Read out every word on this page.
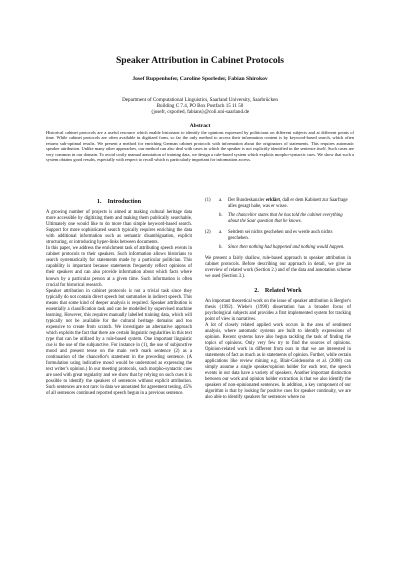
Speaker Attribution in Cabinet Protocols
Josef Ruppenhofer, Caroline Sporleder, Fabian Shirokov
Department of Computational Linguistics, Saarland University, Saarbrücken
Building C 7.4, PO Box Postfach 15 11 50
{josefr, csporled, fabians}@coli.uni-saarland.de
Abstract
Historical cabinet protocols are a useful resource which enable historians to identify the opinions expressed by politicians on different subjects and at different points of time. While cabinet protocols are often available in digitized form, so far the only method to access their information content is by keyword-based search, which often returns sub-optimal results. We present a method for enriching German cabinet protocols with information about the originators of statements. This requires automatic speaker attribution. Unlike many other approaches, our method can also deal with cases in which the speaker is not explicitly identified in the sentence itself. Such cases are very common in our domain. To avoid costly manual annotation of training data, we design a rule-based system which exploits morpho-syntactic cues. We show that such a system obtains good results, especially with respect to recall which is particularly important for information access.
1. Introduction

A growing number of projects is aimed at making cultural heritage data more accessible by digitizing them and making them publically searchable. Ultimately one would like to do more than simple keyword-based search. Support for more sophisticated search typically requires enriching the data with additional information such as semantic disambiguation, explicit structuring, or introducing hyper-links between documents.

In this paper, we address the enrichment task of attributing speech events in cabinet protocols to their speakers. Such information allows historians to search systematically for statements made by a particular politician. This capability is important because statements frequently reflect opinions of their speakers and can also provide information about which facts where known by a particular person at a given time. Such information is often crucial for historical research.

Speaker attribution in cabinet protocols is not a trivial task since they typically do not contain direct speech but summaries in indirect speech. This means that some kind of deeper analysis is required. Speaker attribution is essentially a classification task and can be modelled by supervised machine learning. However, this requires manually labelled training data, which will typically not be available for the cultural heritage domains and too expensive to create from scratch. We investigate an alternative approach which exploits the fact that there are certain linguistic regularities in this text type that can be utilized by a rule-based system. One important linguistic cue is the use of the subjunctive. For instance in (1), the use of subjunctive mood and present tense on the main verb mark sentence (2) as a continuation of the chancellor's statement in the preceding sentence. (A formulation using indicative mood would be understood as expressing the text writer's opinion.) In our meeting protocols, such morpho-syntactic cues are used with great regularity and we show that by relying on such cues it is possible to identify the speakers of sentences without explicit attribution. Such sentences are not rare: in data we annotated for agreement testing, 45% of all sentences continued reported speech begun in a previous sentence.

(1)	a.	Der Bundeskanzler erklärt, daß er dem Kabinett zur Saarfrage alles gesagt habe, was er wisse.
b.	The chancellor states that he has told the cabinet everything about the Saar question that he knows.
(2)	a.	Seitdem sei nichts geschehen und es werde auch nichts geschehen.
b.	Since then nothing had happened and nothing would happen.

We present a fairly shallow, rule-based approach to speaker attribution in cabinet protocols. Before describing our approach in detail, we give an overview of related work (Section 2.) and of the data and annotation scheme we used (Section 3.).

2. Related Work

An important theoretical work on the issue of speaker attribution is Bergler's thesis (1992). Wiebe's (1990) dissertation has a broader focus of psychological subjects and provides a first implemented system for tracking point of view in narratives.

A lot of closely related applied work occurs in the area of sentiment analysis, where automatic systems are built to identify expressions of opinion. Recent systems have also begun tackling the task of finding the topics of opinions. Only very few try to find the sources of opinions. Opinion-related work in different from ours in that we are interested in statements of fact as much as in statements of opinion. Further, while certain applications like review mining e.g. Blair-Goldensohn et al. (2008) can simply assume a single speaker/opinion holder for each text, the speech events in our data have a variety of speakers. Another important distinction between our work and opinion holder extraction is that we also identify the speakers of non-opinionated sentences. In addition, a key component of our algorithm is that by looking for positive cues for speaker continuity, we are also able to identify speakers for sentences where no
